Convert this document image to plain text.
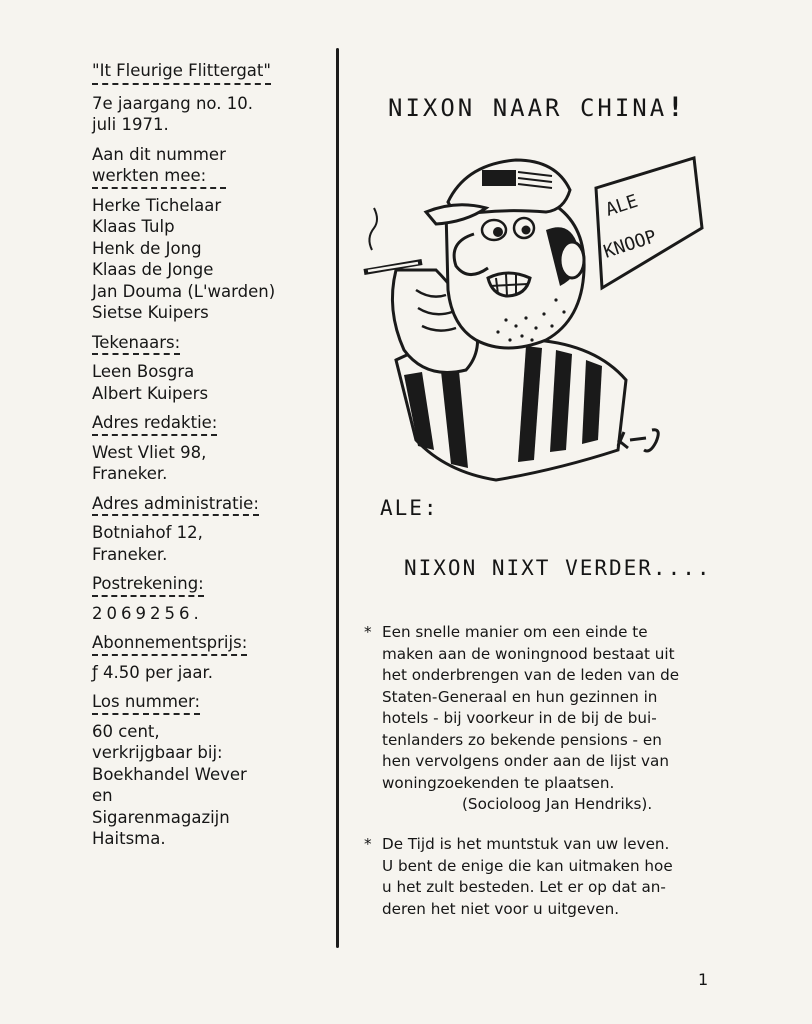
"It Fleurige Flittergat"
7e jaargang no. 10.
juli 1971.
Aan dit nummer
werkten mee:
Herke Tichelaar
Klaas Tulp
Henk de Jong
Klaas de Jonge
Jan Douma (L'warden)
Sietse Kuipers
Tekenaars:
Leen Bosgra
Albert Kuipers
Adres redaktie:
West Vliet 98,
Franeker.
Adres administratie:
Botniahof 12,
Franeker.
Postrekening:
2069256.
Abonnementsprijs:
ƒ 4.50 per jaar.
Los nummer:
60 cent,
verkrijgbaar bij:
Boekhandel Wever
en
Sigarenmagazijn
Haitsma.
NIXON NAAR CHINA!
ALE
KNOOP
ALE:
NIXON NIXT VERDER....
* Een snelle manier om een einde te
maken aan de woningnood bestaat uit
het onderbrengen van de leden van de
Staten-Generaal en hun gezinnen in
hotels - bij voorkeur in de bij de bui-
tenlanders zo bekende pensions - en
hen vervolgens onder aan de lijst van
woningzoekenden te plaatsen.
(Socioloog Jan Hendriks).
* De Tijd is het muntstuk van uw leven.
U bent de enige die kan uitmaken hoe
u het zult besteden. Let er op dat an-
deren het niet voor u uitgeven.
1
